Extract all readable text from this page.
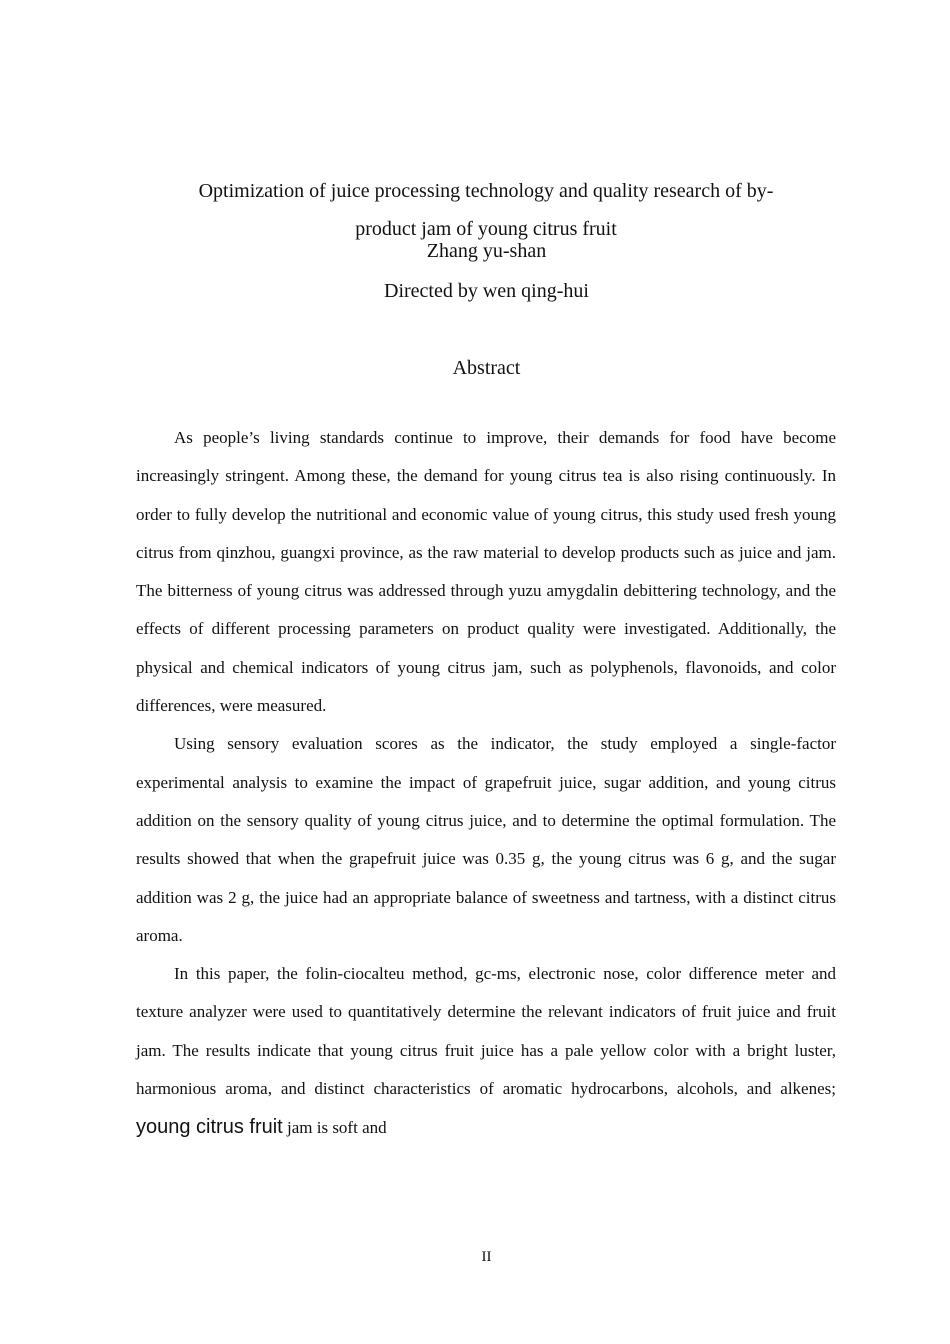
Optimization of juice processing technology and quality research of by-product jam of young citrus fruit
Zhang yu-shan
Directed by wen qing-hui
Abstract

As people’s living standards continue to improve, their demands for food have become increasingly stringent. Among these, the demand for young citrus tea is also rising continuously. In order to fully develop the nutritional and economic value of young citrus, this study used fresh young citrus from qinzhou, guangxi province, as the raw material to develop products such as juice and jam. The bitterness of young citrus was addressed through yuzu amygdalin debittering technology, and the effects of different processing parameters on product quality were investigated. Additionally, the physical and chemical indicators of young citrus jam, such as polyphenols, flavonoids, and color differences, were measured.

Using sensory evaluation scores as the indicator, the study employed a single-factor experimental analysis to examine the impact of grapefruit juice, sugar addition, and young citrus addition on the sensory quality of young citrus juice, and to determine the optimal formulation. The results showed that when the grapefruit juice was 0.35 g, the young citrus was 6 g, and the sugar addition was 2 g, the juice had an appropriate balance of sweetness and tartness, with a distinct citrus aroma.

In this paper, the folin-ciocalteu method, gc-ms, electronic nose, color difference meter and texture analyzer were used to quantitatively determine the relevant indicators of fruit juice and fruit jam. The results indicate that young citrus fruit juice has a pale yellow color with a bright luster, harmonious aroma, and distinct characteristics of aromatic hydrocarbons, alcohols, and alkenes; young citrus fruit jam is soft and

II
